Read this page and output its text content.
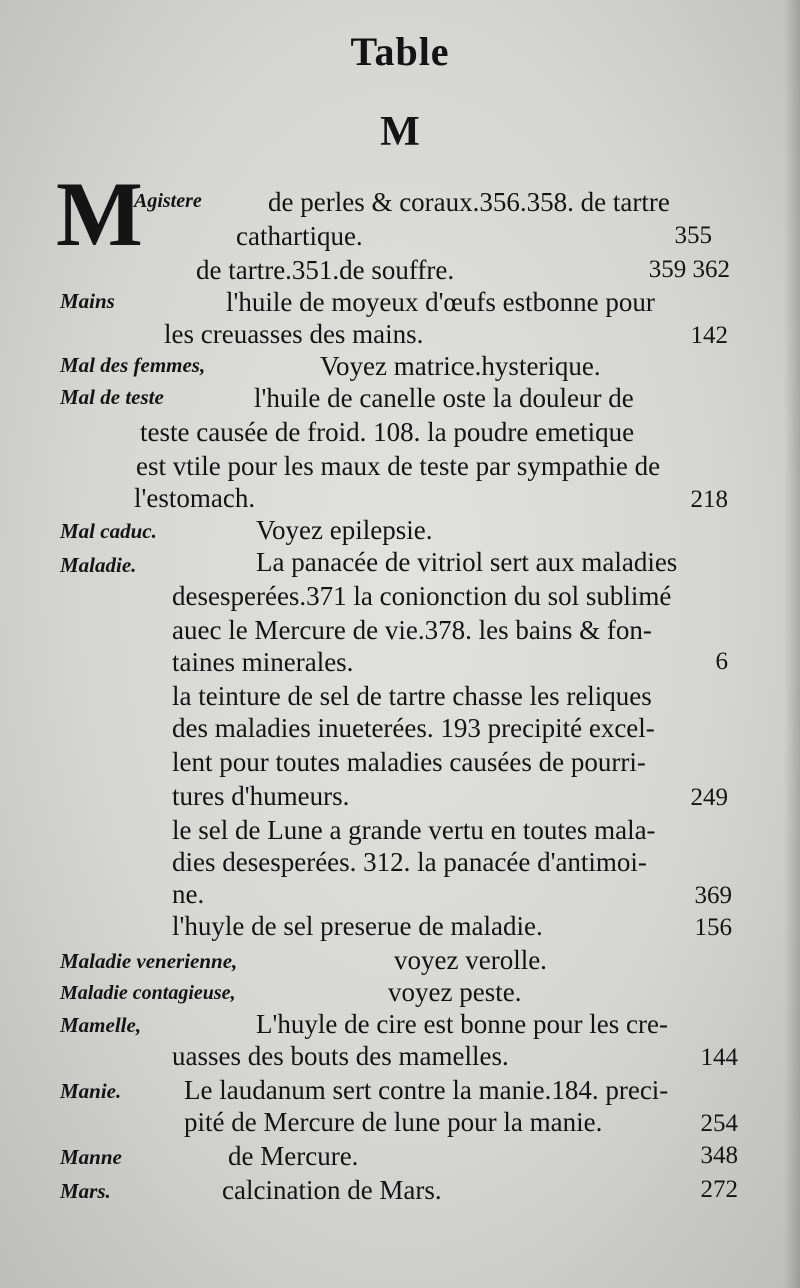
Table
M
M
Agistere de perles & coraux.356.358. de tartre
cathartique.	355
de tartre.351.de souffre.	359 362
Mains	l'huile de moyeux d'œufs estbonne pour
les creuasses des mains.	142
Mal des femmes,	Voyez matrice.hysterique.
Mal de teste	l'huile de canelle oste la douleur de
teste causée de froid. 108. la poudre emetique
est vtile pour les maux de teste par sympathie de
l'estomach.	218
Mal caduc.	Voyez epilepsie.
Maladie.	La panacée de vitriol sert aux maladies
desesperées.371 la conionction du sol sublimé
auec le Mercure de vie.378. les bains & fon-
taines minerales.	6
la teinture de sel de tartre chasse les reliques
des maladies inueterées. 193 precipité excel-
lent pour toutes maladies causées de pourri-
tures d'humeurs.	249
le sel de Lune a grande vertu en toutes mala-
dies desesperées. 312. la panacée d'antimoi-
ne.	369
l'huyle de sel preserue de maladie.	156
Maladie venerienne,	voyez verolle.
Maladie contagieuse,	voyez peste.
Mamelle,	L'huyle de cire est bonne pour les cre-
uasses des bouts des mamelles.	144
Manie. Le laudanum sert contre la manie.184. preci-
pité de Mercure de lune pour la manie.	254
Manne	de Mercure.	348
Mars.	calcination de Mars.	272
